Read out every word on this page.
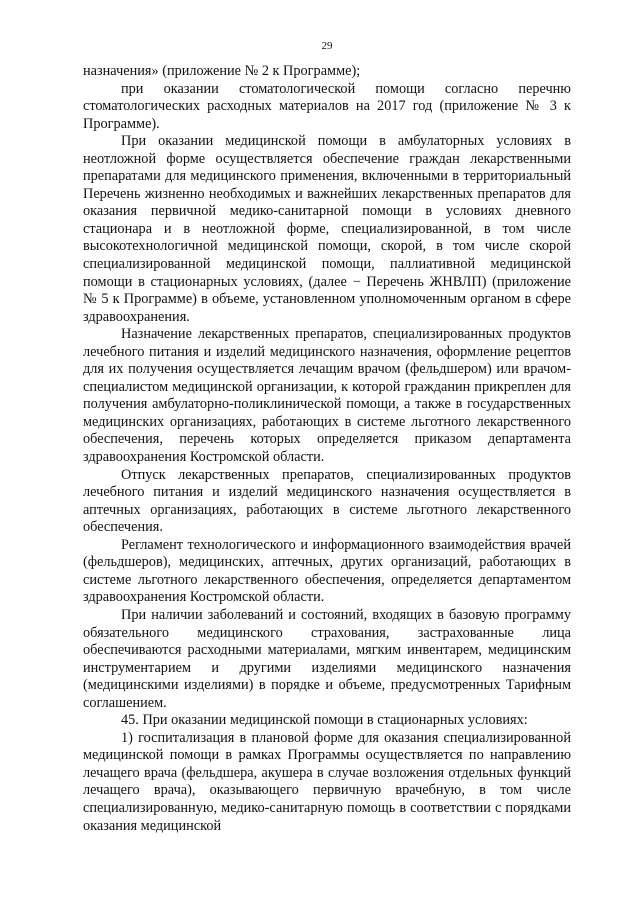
29

назначения» (приложение № 2 к Программе);

при оказании стоматологической помощи согласно перечню стоматологических расходных материалов на 2017 год (приложение № 3 к Программе).

При оказании медицинской помощи в амбулаторных условиях в неотложной форме осуществляется обеспечение граждан лекарственными препаратами для медицинского применения, включенными в территориальный Перечень жизненно необходимых и важнейших лекарственных препаратов для оказания первичной медико-санитарной помощи в условиях дневного стационара и в неотложной форме, специализированной, в том числе высокотехнологичной медицинской помощи, скорой, в том числе скорой специализированной медицинской помощи, паллиативной медицинской помощи в стационарных условиях, (далее − Перечень ЖНВЛП) (приложение № 5 к Программе) в объеме, установленном уполномоченным органом в сфере здравоохранения.

Назначение лекарственных препаратов, специализированных продуктов лечебного питания и изделий медицинского назначения, оформление рецептов для их получения осуществляется лечащим врачом (фельдшером) или врачом-специалистом медицинской организации, к которой гражданин прикреплен для получения амбулаторно-поликлинической помощи, а также в государственных медицинских организациях, работающих в системе льготного лекарственного обеспечения, перечень которых определяется приказом департамента здравоохранения Костромской области.

Отпуск лекарственных препаратов, специализированных продуктов лечебного питания и изделий медицинского назначения осуществляется в аптечных организациях, работающих в системе льготного лекарственного обеспечения.

Регламент технологического и информационного взаимодействия врачей (фельдшеров), медицинских, аптечных, других организаций, работающих в системе льготного лекарственного обеспечения, определяется департаментом здравоохранения Костромской области.

При наличии заболеваний и состояний, входящих в базовую программу обязательного медицинского страхования, застрахованные лица обеспечиваются расходными материалами, мягким инвентарем, медицинским инструментарием и другими изделиями медицинского назначения (медицинскими изделиями) в порядке и объеме, предусмотренных Тарифным соглашением.

45. При оказании медицинской помощи в стационарных условиях:

1) госпитализация в плановой форме для оказания специализированной медицинской помощи в рамках Программы осуществляется по направлению лечащего врача (фельдшера, акушера в случае возложения отдельных функций лечащего врача), оказывающего первичную врачебную, в том числе специализированную, медико-санитарную помощь в соответствии с порядками оказания медицинской
